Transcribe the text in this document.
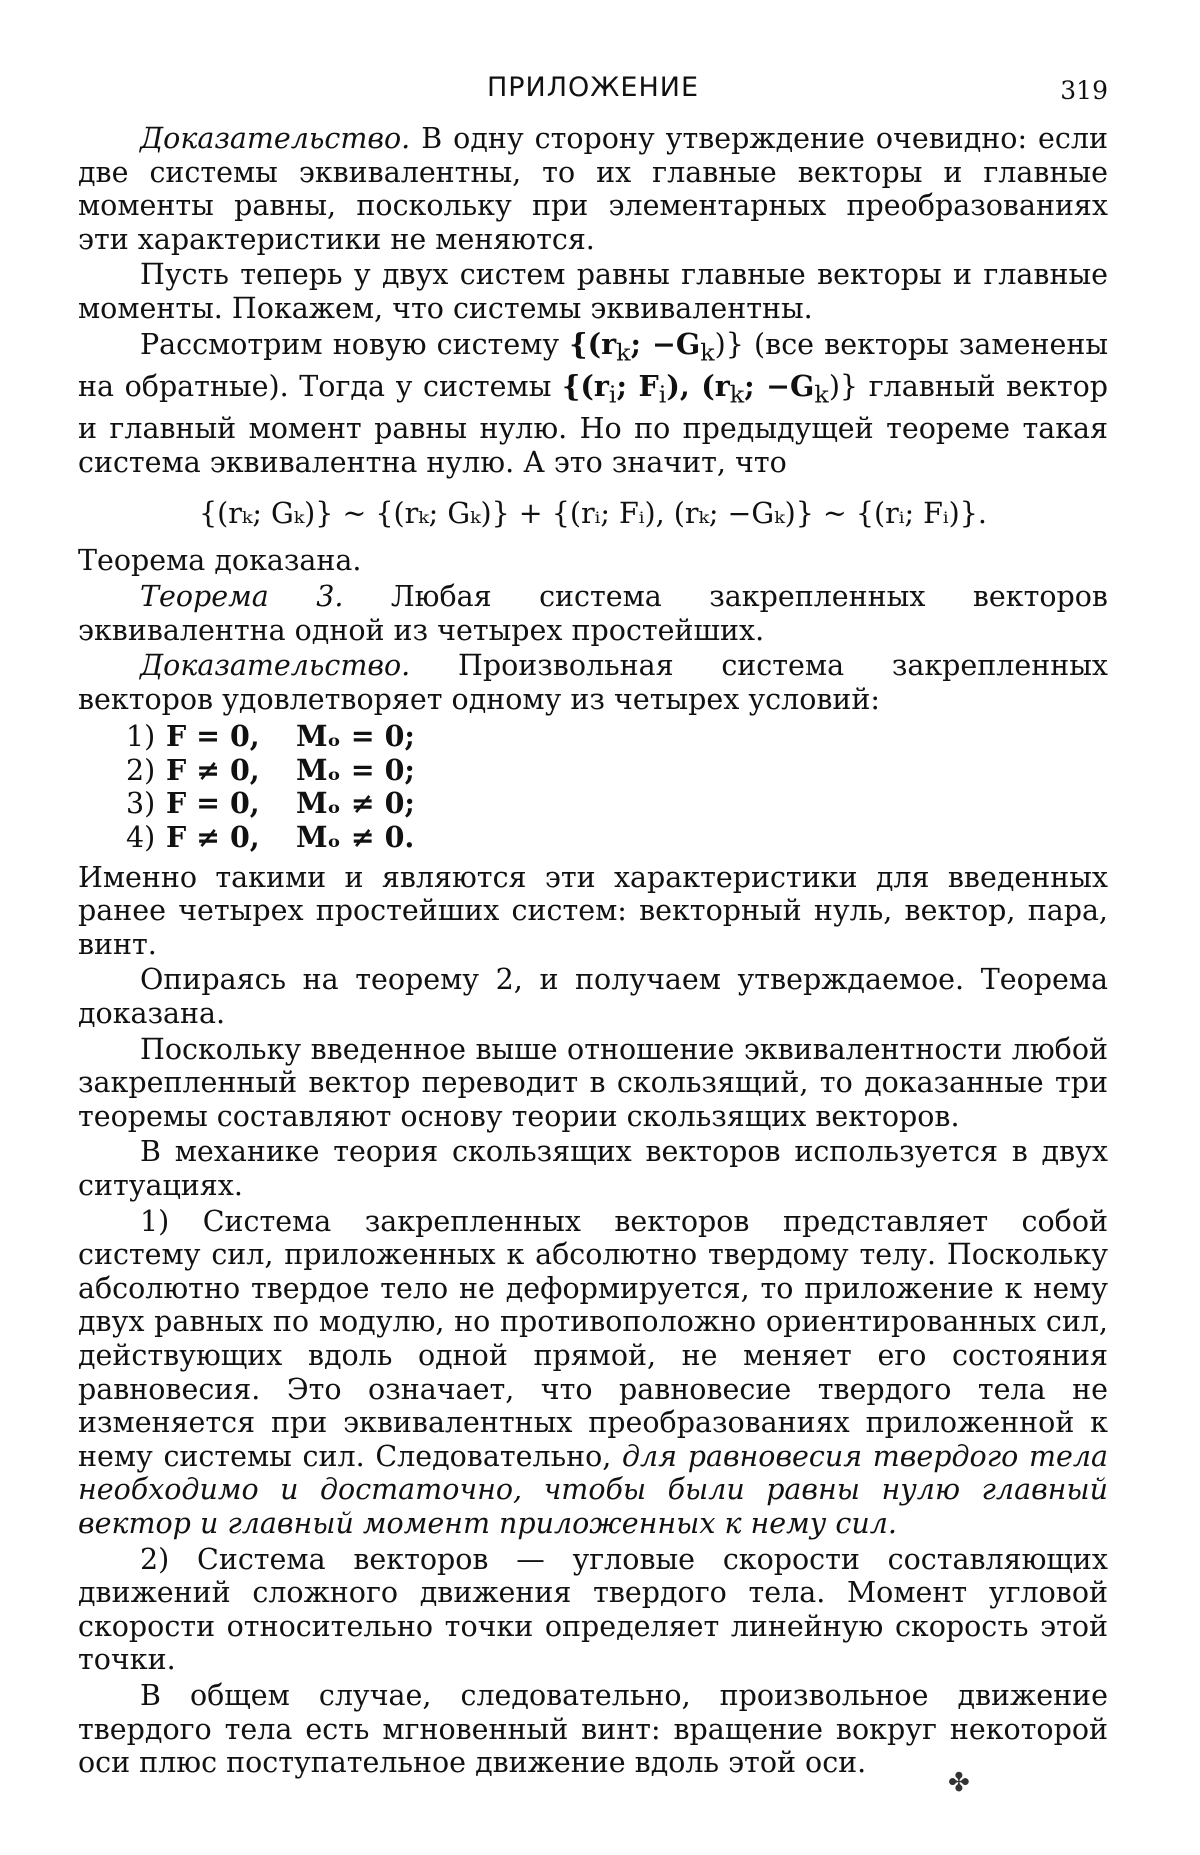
ПРИЛОЖЕНИЕ	319

Доказательство. В одну сторону утверждение очевидно: если две системы эквивалентны, то их главные векторы и главные моменты равны, поскольку при элементарных преобразованиях эти характеристики не меняются.

Пусть теперь у двух систем равны главные векторы и главные моменты. Покажем, что системы эквивалентны.

Рассмотрим новую систему {($r_k$; $-G_k$)} (все векторы заменены на обратные). Тогда у системы {($r_i$; $F_i$), ($r_k$; $-G_k$)} главный вектор и главный момент равны нулю. Но по предыдущей теореме такая система эквивалентна нулю. А это значит, что

{(rₖ; Gₖ)} ~ {(rₖ; Gₖ)} + {(rᵢ; Fᵢ), (rₖ; −Gₖ)} ~ {(rᵢ; Fᵢ)}.

Теорема доказана.

Теорема 3. Любая система закрепленных векторов эквивалентна одной из четырех простейших.

Доказательство. Произвольная система закрепленных векторов удовлетворяет одному из четырех условий:

1) F = 0, Mₒ = 0;
2) F ≠ 0, Mₒ = 0;
3) F = 0, Mₒ ≠ 0;
4) F ≠ 0, Mₒ ≠ 0.

Именно такими и являются эти характеристики для введенных ранее четырех простейших систем: векторный нуль, вектор, пара, винт.

Опираясь на теорему 2, и получаем утверждаемое. Теорема доказана.

Поскольку введенное выше отношение эквивалентности любой закрепленный вектор переводит в скользящий, то доказанные три теоремы составляют основу теории скользящих векторов.

В механике теория скользящих векторов используется в двух ситуациях.

1) Система закрепленных векторов представляет собой систему сил, приложенных к абсолютно твердому телу. Поскольку абсолютно твердое тело не деформируется, то приложение к нему двух равных по модулю, но противоположно ориентированных сил, действующих вдоль одной прямой, не меняет его состояния равновесия. Это означает, что равновесие твердого тела не изменяется при эквивалентных преобразованиях приложенной к нему системы сил. Следовательно, для равновесия твердого тела необходимо и достаточно, чтобы были равны нулю главный вектор и главный момент приложенных к нему сил.

2) Система векторов — угловые скорости составляющих движений сложного движения твердого тела. Момент угловой скорости относительно точки определяет линейную скорость этой точки.

В общем случае, следовательно, произвольное движение твердого тела есть мгновенный винт: вращение вокруг некоторой оси плюс поступательное движение вдоль этой оси.

✤
